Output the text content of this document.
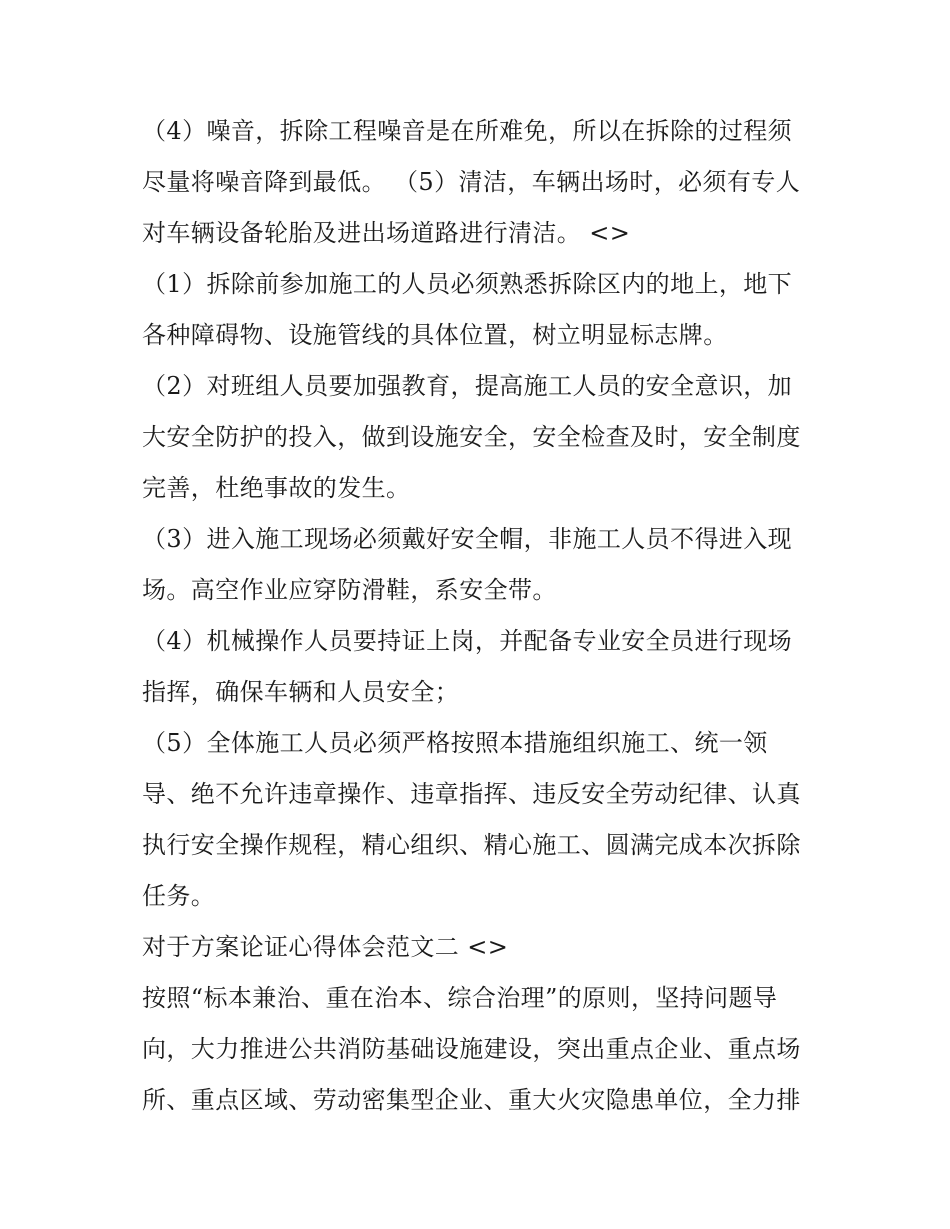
（4）噪音，拆除工程噪音是在所难免，所以在拆除的过程须
尽量将噪音降到最低。 （5）清洁，车辆出场时，必须有专人
对车辆设备轮胎及进出场道路进行清洁。 <>
（1）拆除前参加施工的人员必须熟悉拆除区内的地上，地下
各种障碍物、设施管线的具体位置，树立明显标志牌。
（2）对班组人员要加强教育，提高施工人员的安全意识，加
大安全防护的投入，做到设施安全，安全检查及时，安全制度
完善，杜绝事故的发生。
（3）进入施工现场必须戴好安全帽，非施工人员不得进入现
场。高空作业应穿防滑鞋，系安全带。
（4）机械操作人员要持证上岗，并配备专业安全员进行现场
指挥，确保车辆和人员安全；
（5）全体施工人员必须严格按照本措施组织施工、统一领
导、绝不允许违章操作、违章指挥、违反安全劳动纪律、认真
执行安全操作规程，精心组织、精心施工、圆满完成本次拆除
任务。
对于方案论证心得体会范文二 <>
按照“标本兼治、重在治本、综合治理”的原则，坚持问题导
向，大力推进公共消防基础设施建设，突出重点企业、重点场
所、重点区域、劳动密集型企业、重大火灾隐患单位，全力排
